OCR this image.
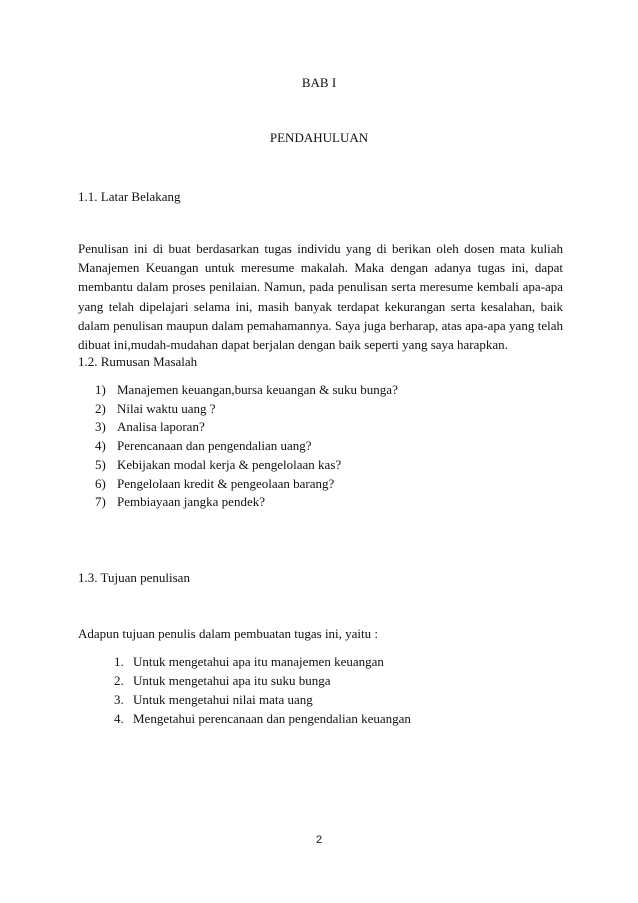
BAB I
PENDAHULUAN
1.1. Latar Belakang

Penulisan ini di buat berdasarkan tugas individu yang di berikan oleh dosen mata kuliah
Manajemen Keuangan untuk meresume makalah. Maka dengan adanya tugas ini, dapat
membantu dalam proses penilaian. Namun, pada penulisan serta meresume kembali apa-apa
yang telah dipelajari selama ini, masih banyak terdapat kekurangan serta kesalahan, baik
dalam penulisan maupun dalam pemahamannya. Saya juga berharap, atas apa-apa yang telah
dibuat ini,mudah-mudahan dapat berjalan dengan baik seperti yang saya harapkan.

1.2. Rumusan Masalah
1) Manajemen keuangan,bursa keuangan & suku bunga?
2) Nilai waktu uang ?
3) Analisa laporan?
4) Perencanaan dan pengendalian uang?
5) Kebijakan modal kerja & pengelolaan kas?
6) Pengelolaan kredit & pengeolaan barang?
7) Pembiayaan jangka pendek?
1.3. Tujuan penulisan
Adapun tujuan penulis dalam pembuatan tugas ini, yaitu :
1. Untuk mengetahui apa itu manajemen keuangan
2. Untuk mengetahui apa itu suku bunga
3. Untuk mengetahui nilai mata uang
4. Mengetahui perencanaan dan pengendalian keuangan
2
